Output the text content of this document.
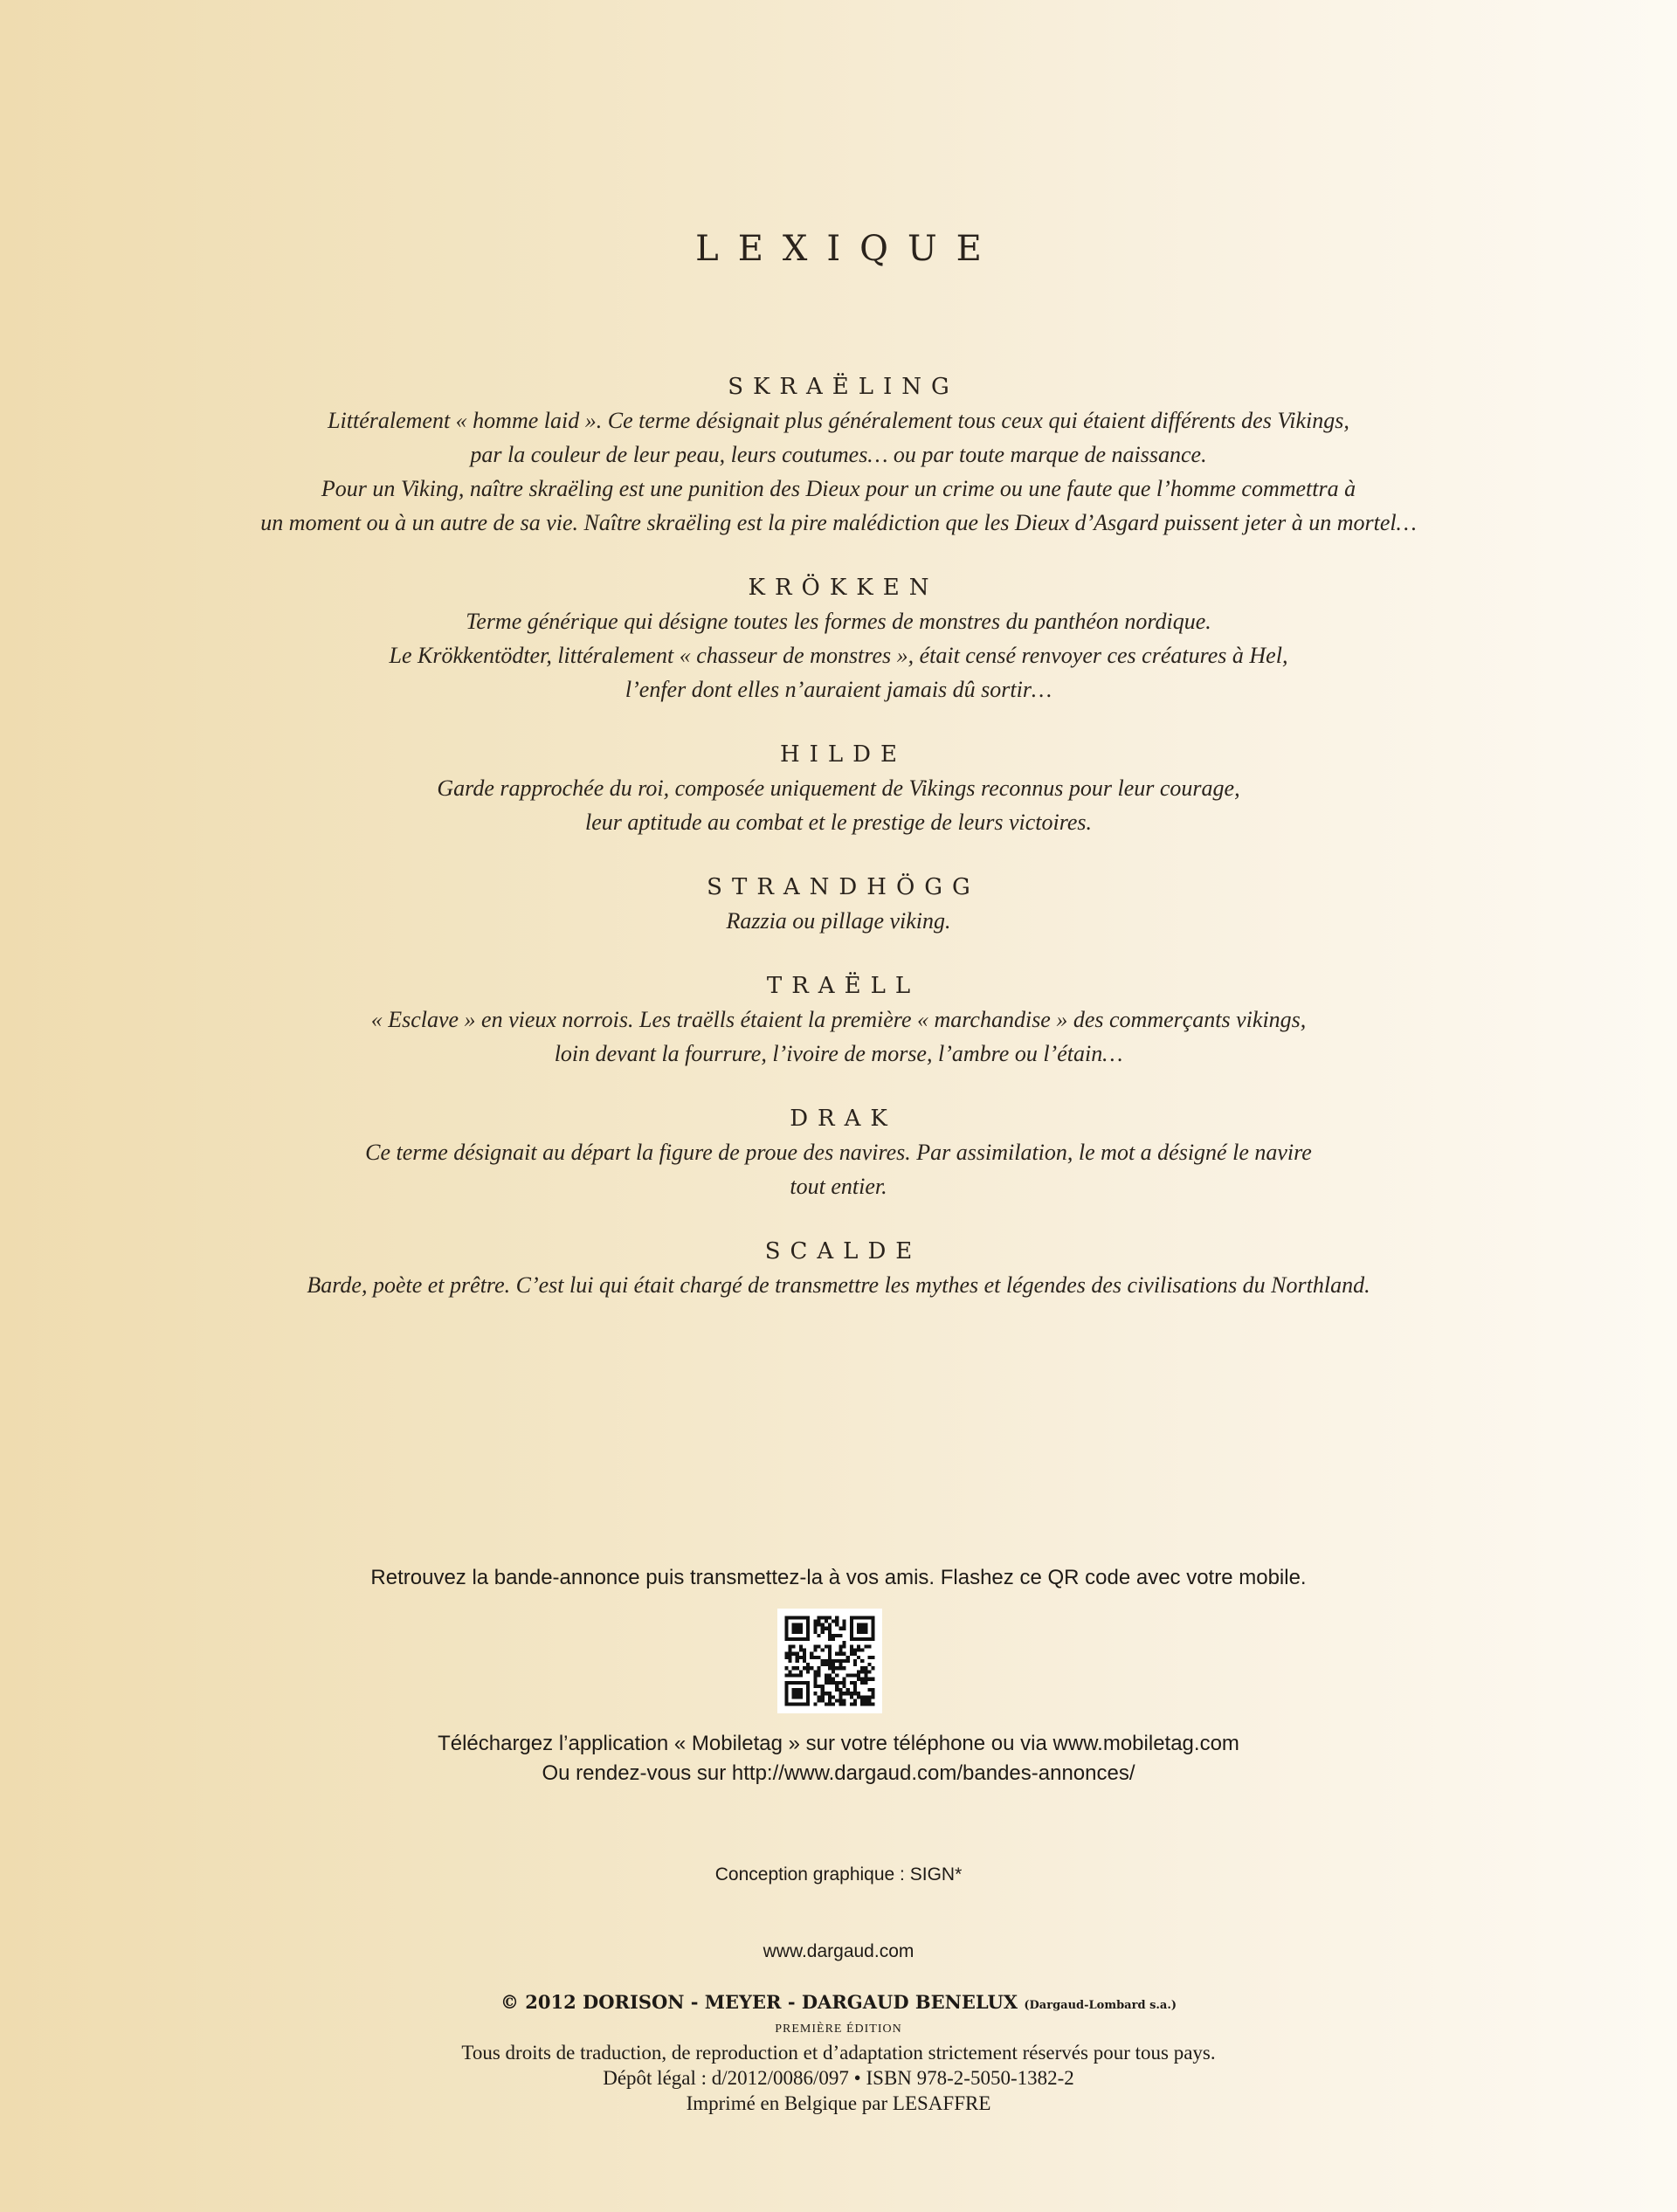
LEXIQUE
SKRAËLING
Littéralement « homme laid ». Ce terme désignait plus généralement tous ceux qui étaient différents des Vikings,
par la couleur de leur peau, leurs coutumes… ou par toute marque de naissance.
Pour un Viking, naître skraëling est une punition des Dieux pour un crime ou une faute que l’homme commettra à
un moment ou à un autre de sa vie. Naître skraëling est la pire malédiction que les Dieux d’Asgard puissent jeter à un mortel…
KRÖKKEN
Terme générique qui désigne toutes les formes de monstres du panthéon nordique.
Le Krökkentödter, littéralement « chasseur de monstres », était censé renvoyer ces créatures à Hel,
l’enfer dont elles n’auraient jamais dû sortir…
HILDE
Garde rapprochée du roi, composée uniquement de Vikings reconnus pour leur courage,
leur aptitude au combat et le prestige de leurs victoires.
STRANDHÖGG
Razzia ou pillage viking.
TRAËLL
« Esclave » en vieux norrois. Les traëlls étaient la première « marchandise » des commerçants vikings,
loin devant la fourrure, l’ivoire de morse, l’ambre ou l’étain…
DRAK
Ce terme désignait au départ la figure de proue des navires. Par assimilation, le mot a désigné le navire
tout entier.
SCALDE
Barde, poète et prêtre. C’est lui qui était chargé de transmettre les mythes et légendes des civilisations du Northland.
Retrouvez la bande-annonce puis transmettez-la à vos amis. Flashez ce QR code avec votre mobile.
Téléchargez l’application « Mobiletag » sur votre téléphone ou via www.mobiletag.com
Ou rendez-vous sur http://www.dargaud.com/bandes-annonces/
Conception graphique : SIGN*
www.dargaud.com
© 2012 DORISON - MEYER - DARGAUD BENELUX (Dargaud-Lombard s.a.)
PREMIÈRE ÉDITION
Tous droits de traduction, de reproduction et d’adaptation strictement réservés pour tous pays.
Dépôt légal : d/2012/0086/097 • ISBN 978-2-5050-1382-2
Imprimé en Belgique par LESAFFRE
